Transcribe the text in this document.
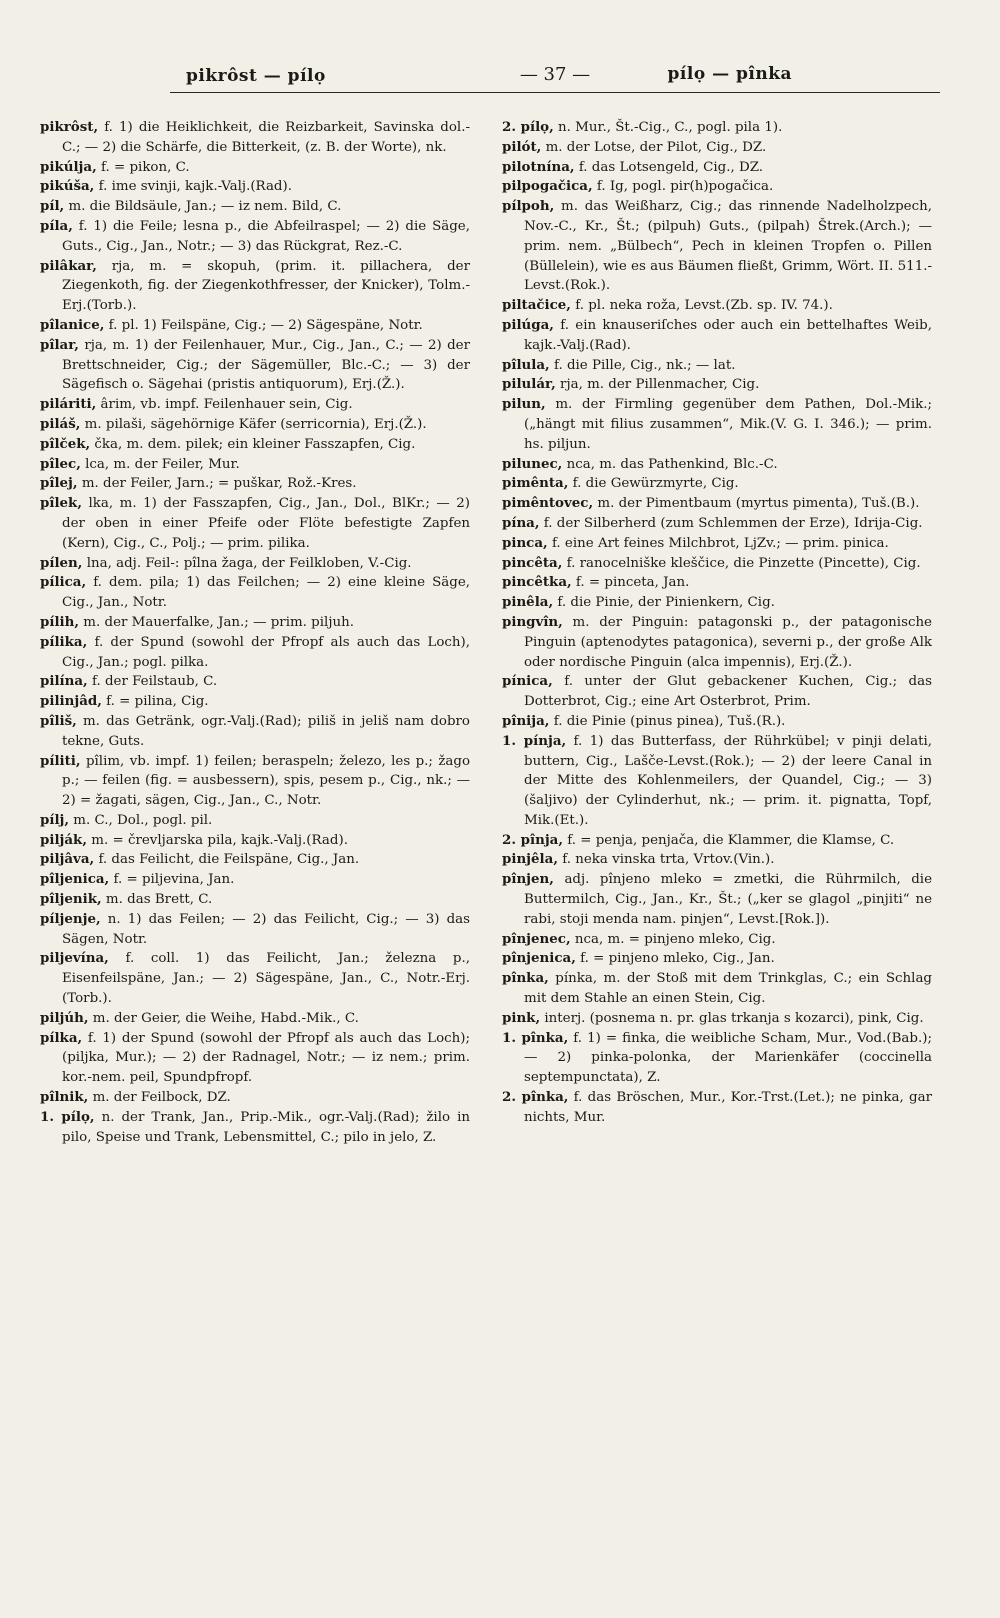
pikrôst — pílọ	— 37 —	pílọ — pînka

pikrôst, f. 1) die Heiklichkeit, die Reizbarkeit, Savinska dol.-C.; — 2) die Schärfe, die Bitterkeit, (z. B. der Worte), nk.

pikúlja, f. = pikon, C.

pikúša, f. ime svinji, kajk.-Valj.(Rad).

píl, m. die Bildsäule, Jan.; — iz nem. Bild, C.

píla, f. 1) die Feile; lesna p., die Abfeilraspel; — 2) die Säge, Guts., Cig., Jan., Notr.; — 3) das Rückgrat, Rez.-C.

pilâkar, rja, m. = skopuh, (prim. it. pillachera, der Ziegenkoth, fig. der Ziegenkothfresser, der Knicker), Tolm.-Erj.(Torb.).

pîlanice, f. pl. 1) Feilspäne, Cig.; — 2) Sägespäne, Notr.

pîlar, rja, m. 1) der Feilenhauer, Mur., Cig., Jan., C.; — 2) der Brettschneider, Cig.; der Sägemüller, Blc.-C.; — 3) der Sägefisch o. Sägehai (pristis antiquorum), Erj.(Ž.).

piláriti, ârim, vb. impf. Feilenhauer sein, Cig.

piláš, m. pilaši, sägehörnige Käfer (serricornia), Erj.(Ž.).

pîlček, čka, m. dem. pilek; ein kleiner Fasszapfen, Cig.

pîlec, lca, m. der Feiler, Mur.

pîlej, m. der Feiler, Jarn.; = puškar, Rož.-Kres.

pîlek, lka, m. 1) der Fasszapfen, Cig., Jan., Dol., BlKr.; — 2) der oben in einer Pfeife oder Flöte befestigte Zapfen (Kern), Cig., C., Polj.; — prim. pilika.

pílen, lna, adj. Feil-: pîlna žaga, der Feilkloben, V.-Cig.

pílica, f. dem. pila; 1) das Feilchen; — 2) eine kleine Säge, Cig., Jan., Notr.

pílih, m. der Mauerfalke, Jan.; — prim. piljuh.

pílika, f. der Spund (sowohl der Pfropf als auch das Loch), Cig., Jan.; pogl. pilka.

pilína, f. der Feilstaub, C.

pilinjâd, f. = pilina, Cig.

pîliš, m. das Getränk, ogr.-Valj.(Rad); piliš in jeliš nam dobro tekne, Guts.

píliti, pîlim, vb. impf. 1) feilen; beraspeln; železo, les p.; žago p.; — feilen (fig. = ausbessern), spis, pesem p., Cig., nk.; — 2) = žagati, sägen, Cig., Jan., C., Notr.

pílj, m. C., Dol., pogl. pil.

pilják, m. = črevljarska pila, kajk.-Valj.(Rad).

piljâva, f. das Feilicht, die Feilspäne, Cig., Jan.

pîljenica, f. = piljevina, Jan.

pîljenik, m. das Brett, C.

píljenje, n. 1) das Feilen; — 2) das Feilicht, Cig.; — 3) das Sägen, Notr.

piljevína, f. coll. 1) das Feilicht, Jan.; železna p., Eisenfeilspäne, Jan.; — 2) Sägespäne, Jan., C., Notr.-Erj.(Torb.).

piljúh, m. der Geier, die Weihe, Habd.-Mik., C.

pílka, f. 1) der Spund (sowohl der Pfropf als auch das Loch); (piljka, Mur.); — 2) der Radnagel, Notr.; — iz nem.; prim. kor.-nem. peil, Spundpfropf.

pîlnik, m. der Feilbock, DZ.

1. pílọ, n. der Trank, Jan., Prip.-Mik., ogr.-Valj.(Rad); žilo in pilo, Speise und Trank, Lebensmittel, C.; pilo in jelo, Z.

2. pílọ, n. Mur., Št.-Cig., C., pogl. pila 1).

pilót, m. der Lotse, der Pilot, Cig., DZ.

pilotnína, f. das Lotsengeld, Cig., DZ.

pilpogačica, f. Ig, pogl. pir(h)pogačica.

pílpoh, m. das Weißharz, Cig.; das rinnende Nadelholzpech, Nov.-C., Kr., Št.; (pilpuh) Guts., (pilpah) Štrek.(Arch.); — prim. nem. „Bülbech“, Pech in kleinen Tropfen o. Pillen (Büllelein), wie es aus Bäumen fließt, Grimm, Wört. II. 511.-Levst.(Rok.).

piltačice, f. pl. neka roža, Levst.(Zb. sp. IV. 74.).

pilúga, f. ein knauseriſches oder auch ein bettelhaftes Weib, kajk.-Valj.(Rad).

pîlula, f. die Pille, Cig., nk.; — lat.

pilulár, rja, m. der Pillenmacher, Cig.

pilun, m. der Firmling gegenüber dem Pathen, Dol.-Mik.; („hängt mit filius zusammen“, Mik.(V. G. I. 346.); — prim. hs. piljun.

pilunec, nca, m. das Pathenkind, Blc.-C.

pimênta, f. die Gewürzmyrte, Cig.

pimêntovec, m. der Pimentbaum (myrtus pimenta), Tuš.(B.).

pína, f. der Silberherd (zum Schlemmen der Erze), Idrija-Cig.

pinca, f. eine Art feines Milchbrot, LjZv.; — prim. pinica.

pincêta, f. ranocelniške kleščice, die Pinzette (Pincette), Cig.

pincêtka, f. = pinceta, Jan.

pinêla, f. die Pinie, der Pinienkern, Cig.

pingvîn, m. der Pinguin: patagonski p., der patagonische Pinguin (aptenodytes patagonica), severni p., der große Alk oder nordische Pinguin (alca impennis), Erj.(Ž.).

pínica, f. unter der Glut gebackener Kuchen, Cig.; das Dotterbrot, Cig.; eine Art Osterbrot, Prim.

pînija, f. die Pinie (pinus pinea), Tuš.(R.).

1. pínja, f. 1) das Butterfass, der Rührkübel; v pinji delati, buttern, Cig., Lašče-Levst.(Rok.); — 2) der leere Canal in der Mitte des Kohlenmeilers, der Quandel, Cig.; — 3) (šaljivo) der Cylinderhut, nk.; — prim. it. pignatta, Topf, Mik.(Et.).

2. pînja, f. = penja, penjača, die Klammer, die Klamse, C.

pinjêla, f. neka vinska trta, Vrtov.(Vin.).

pînjen, adj. pînjeno mleko = zmetki, die Rührmilch, die Buttermilch, Cig., Jan., Kr., Št.; („ker se glagol „pinjiti“ ne rabi, stoji menda nam. pinjen“, Levst.[Rok.]).

pînjenec, nca, m. = pinjeno mleko, Cig.

pînjenica, f. = pinjeno mleko, Cig., Jan.

pînka, pínka, m. der Stoß mit dem Trinkglas, C.; ein Schlag mit dem Stahle an einen Stein, Cig.

pink, interj. (posnema n. pr. glas trkanja s kozarci), pink, Cig.

1. pînka, f. 1) = finka, die weibliche Scham, Mur., Vod.(Bab.); — 2) pinka-polonka, der Marienkäfer (coccinella septempunctata), Z.

2. pînka, f. das Bröschen, Mur., Kor.-Trst.(Let.); ne pinka, gar nichts, Mur.
